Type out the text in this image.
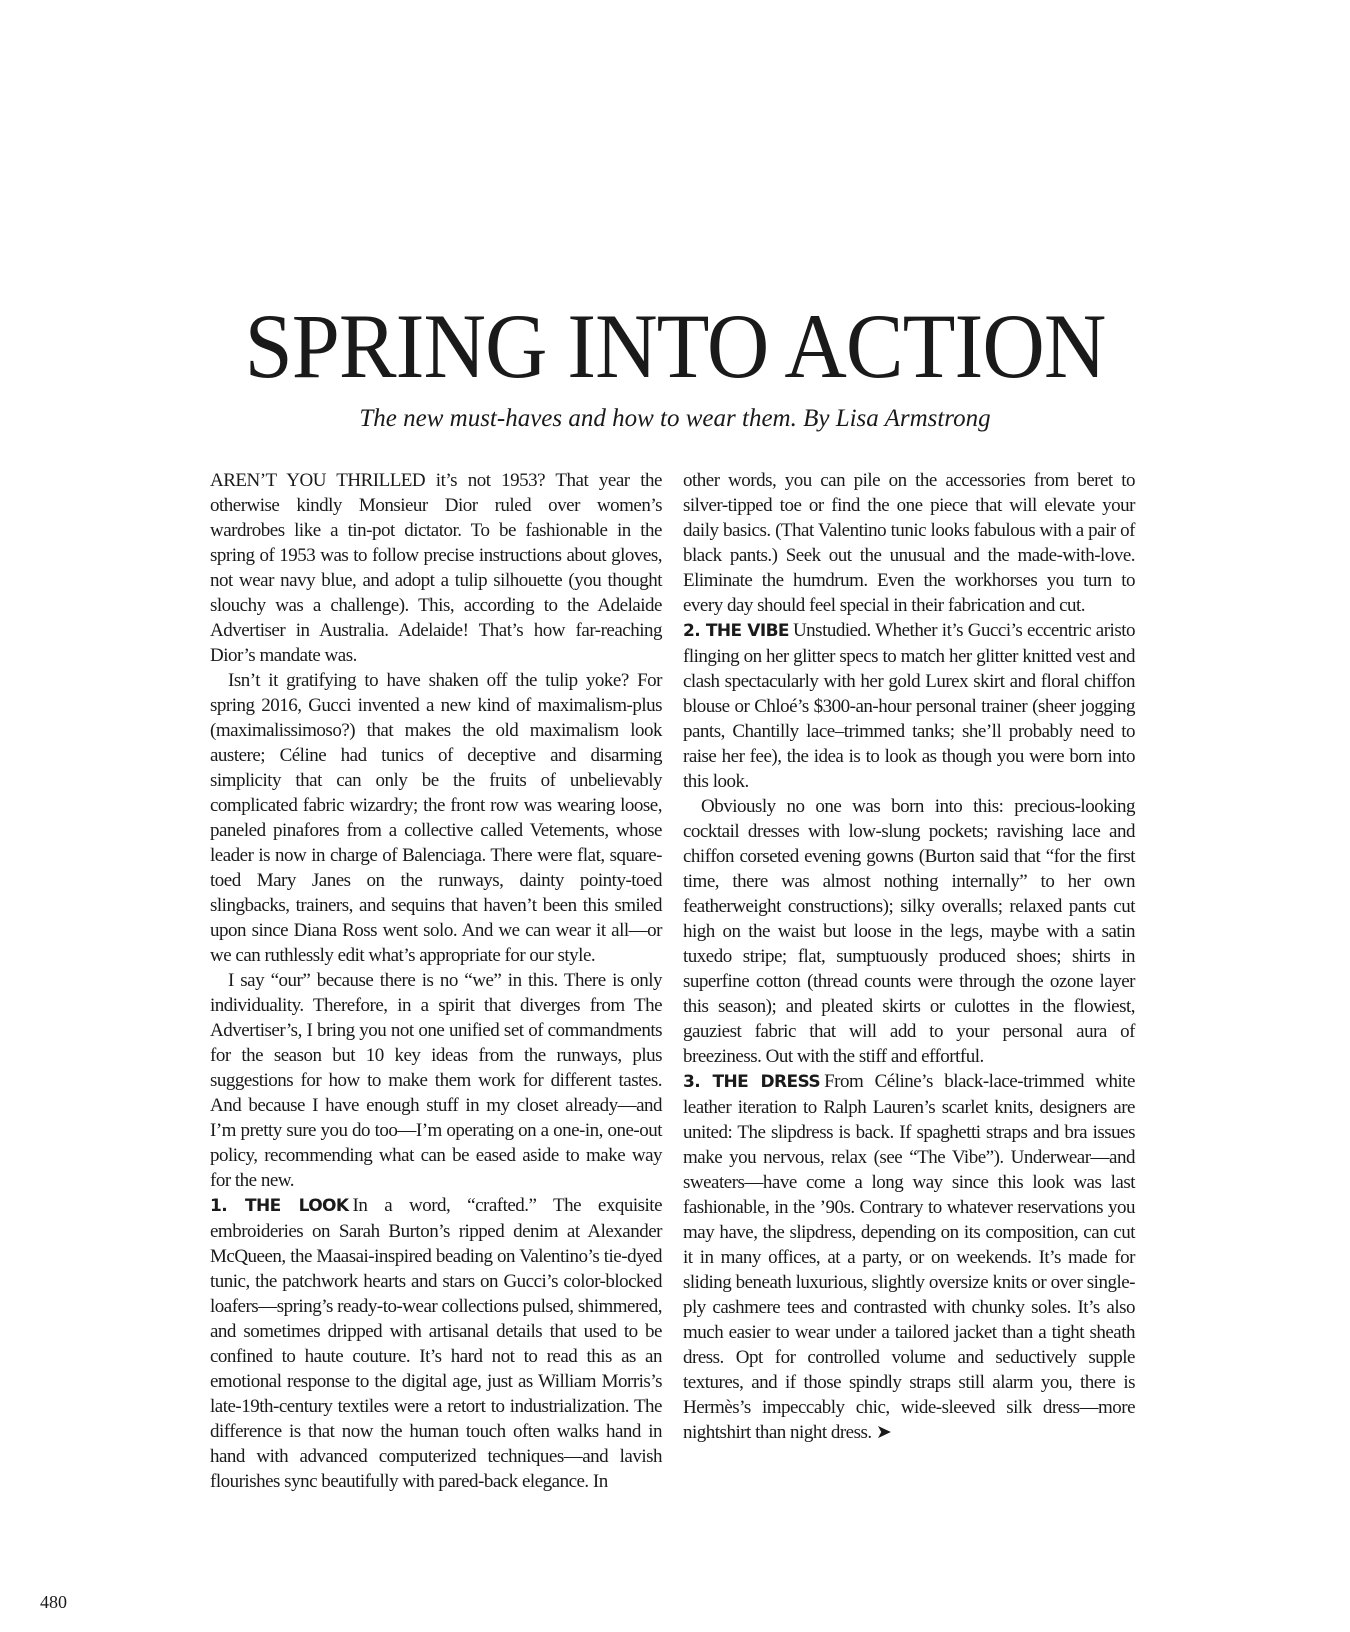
SPRING INTO ACTION
The new must-haves and how to wear them. By Lisa Armstrong

AREN’T YOU THRILLED it’s not 1953? That year the otherwise kindly Monsieur Dior ruled over women’s wardrobes like a tin-pot dictator. To be fashionable in the spring of 1953 was to follow precise instructions about gloves, not wear navy blue, and adopt a tulip silhouette (you thought slouchy was a challenge). This, according to the Adelaide Advertiser in Australia. Adelaide! That’s how far-reaching Dior’s mandate was.

Isn’t it gratifying to have shaken off the tulip yoke? For spring 2016, Gucci invented a new kind of maximalism-plus (maximalissimoso?) that makes the old maximalism look austere; Céline had tunics of deceptive and disarming simplicity that can only be the fruits of unbelievably complicated fabric wizardry; the front row was wearing loose, paneled pinafores from a collective called Vetements, whose leader is now in charge of Balenciaga. There were flat, square-toed Mary Janes on the runways, dainty pointy-toed slingbacks, trainers, and sequins that haven’t been this smiled upon since Diana Ross went solo. And we can wear it all—or we can ruthlessly edit what’s appropriate for our style.

I say “our” because there is no “we” in this. There is only individuality. Therefore, in a spirit that diverges from The Advertiser’s, I bring you not one unified set of commandments for the season but 10 key ideas from the runways, plus suggestions for how to make them work for different tastes. And because I have enough stuff in my closet already—and I’m pretty sure you do too—I’m operating on a one-in, one-out policy, recommending what can be eased aside to make way for the new.

1. THE LOOK In a word, “crafted.” The exquisite embroideries on Sarah Burton’s ripped denim at Alexander McQueen, the Maasai-inspired beading on Valentino’s tie-dyed tunic, the patchwork hearts and stars on Gucci’s color-blocked loafers—spring’s ready-to-wear collections pulsed, shimmered, and sometimes dripped with artisanal details that used to be confined to haute couture. It’s hard not to read this as an emotional response to the digital age, just as William Morris’s late-19th-century textiles were a retort to industrialization. The difference is that now the human touch often walks hand in hand with advanced computerized techniques—and lavish flourishes sync beautifully with pared-back elegance. In

other words, you can pile on the accessories from beret to silver-tipped toe or find the one piece that will elevate your daily basics. (That Valentino tunic looks fabulous with a pair of black pants.) Seek out the unusual and the made-with-love. Eliminate the humdrum. Even the workhorses you turn to every day should feel special in their fabrication and cut.

2. THE VIBE Unstudied. Whether it’s Gucci’s eccentric aristo flinging on her glitter specs to match her glitter knitted vest and clash spectacularly with her gold Lurex skirt and floral chiffon blouse or Chloé’s $300-an-hour personal trainer (sheer jogging pants, Chantilly lace–trimmed tanks; she’ll probably need to raise her fee), the idea is to look as though you were born into this look.

Obviously no one was born into this: precious-looking cocktail dresses with low-slung pockets; ravishing lace and chiffon corseted evening gowns (Burton said that “for the first time, there was almost nothing internally” to her own featherweight constructions); silky overalls; relaxed pants cut high on the waist but loose in the legs, maybe with a satin tuxedo stripe; flat, sumptuously produced shoes; shirts in superfine cotton (thread counts were through the ozone layer this season); and pleated skirts or culottes in the flowiest, gauziest fabric that will add to your personal aura of breeziness. Out with the stiff and effortful.

3. THE DRESS From Céline’s black-lace-trimmed white leather iteration to Ralph Lauren’s scarlet knits, designers are united: The slipdress is back. If spaghetti straps and bra issues make you nervous, relax (see “The Vibe”). Underwear—and sweaters—have come a long way since this look was last fashionable, in the ’90s. Contrary to whatever reservations you may have, the slipdress, depending on its composition, can cut it in many offices, at a party, or on weekends. It’s made for sliding beneath luxurious, slightly oversize knits or over single-ply cashmere tees and contrasted with chunky soles. It’s also much easier to wear under a tailored jacket than a tight sheath dress. Opt for controlled volume and seductively supple textures, and if those spindly straps still alarm you, there is Hermès’s impeccably chic, wide-sleeved silk dress—more nightshirt than night dress. ➤

480
